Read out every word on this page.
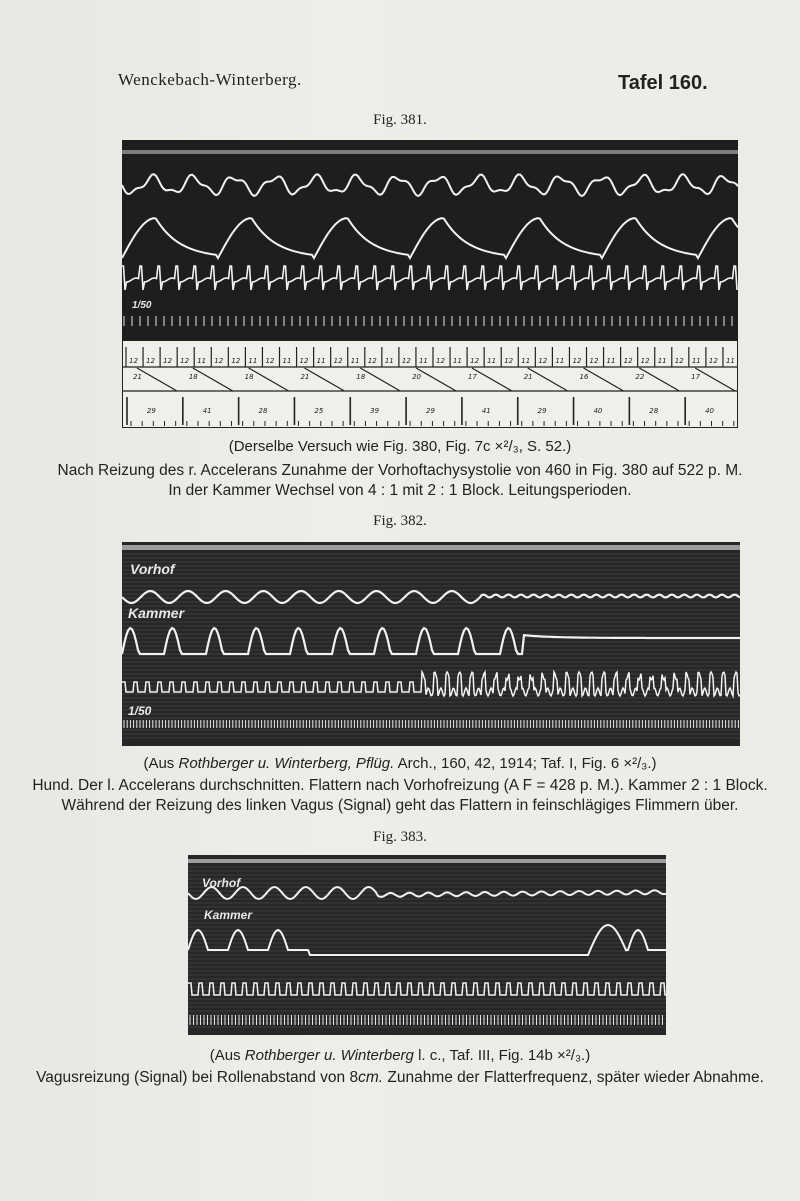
Wenckebach-Winterberg.	Tafel 160.
Fig. 381.
1/50
12 12 12 12 11 12 12 11 12 11 12 11 12 11 12 11 12 11 12 11 12 11 12 11 12 11 12 12 11 12 12 11 12 11 12 11
21	18	18	21	18	20	17	21	16	22	17
29	41	28	25	39	29	41	29	40	28	40
(Derselbe Versuch wie Fig. 380, Fig. 7c ×²/₃, S. 52.)
Nach Reizung des r. Accelerans Zunahme der Vorhoftachysystolie von 460 in Fig. 380 auf 522 p. M.
In der Kammer Wechsel von 4 : 1 mit 2 : 1 Block. Leitungsperioden.
Fig. 382.
Vorhof
Kammer
1/50
(Aus Rothberger u. Winterberg, Pflüg. Arch., 160, 42, 1914; Taf. I, Fig. 6 ×²/₃.)
Hund. Der l. Accelerans durchschnitten. Flattern nach Vorhofreizung (A F = 428 p. M.). Kammer 2 : 1 Block.
Während der Reizung des linken Vagus (Signal) geht das Flattern in feinschlägiges Flimmern über.
Fig. 383.
Vorhof
Kammer
(Aus Rothberger u. Winterberg l. c., Taf. III, Fig. 14b ×²/₃.)
Vagusreizung (Signal) bei Rollenabstand von 8cm. Zunahme der Flatterfrequenz, später wieder Abnahme.
